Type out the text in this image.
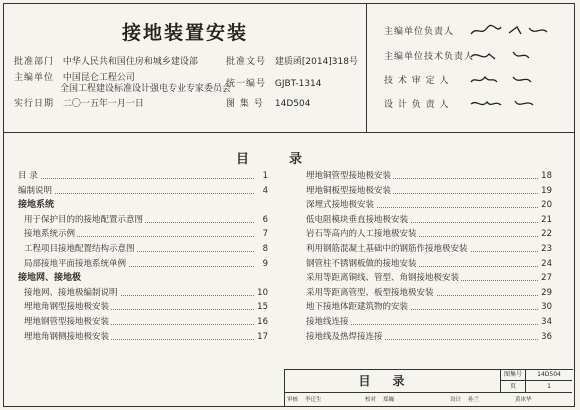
接地装置安装
批准部门 中华人民共和国住房和城乡建设部
主编单位 中国昆仑工程公司
全国工程建设标准设计强电专业专家委员会
实行日期 二〇一五年一月一日
批准文号 建质函[2014]318号
统一编号 GJBT-1314
图 集 号 14D504
主编单位负责人
主编单位技术负责人
技 术 审 定 人
设 计 负 责 人
目录
目 录	1
编制说明	4
接地系统
用于保护目的的接地配置示意图	6
接地系统示例	7
工程项目接地配置结构示意图	8
局部接地平面接地系统单例	9
接地网、接地极
接地网、接地极编制说明	10
埋地角钢型接地极安装	15
埋地钢管型接地极安装	16
埋地角钢侧接地极安装	17
埋地铜管型接地极安装	18
埋地铜板型接地极安装	19
深埋式接地极安装	20
低电阻模块垂直接地极安装	21
岩石等高内的人工接地极安装	22
利用钢筋混凝土基础中的钢筋作接地极安装	23
钢管柱不锈钢板做的接地安装	24
采用等距离铜线、管型、角钢接地极安装	27
采用等距离管型、板型接地极安装	29
地下接地体距建筑物的安装	30
接地线连接	34
接地线及热焊接连接	36
目录	图集号	14D504
页	1
审核 李迁生	校对 郑巍	设计 孙兰	黄冰华
